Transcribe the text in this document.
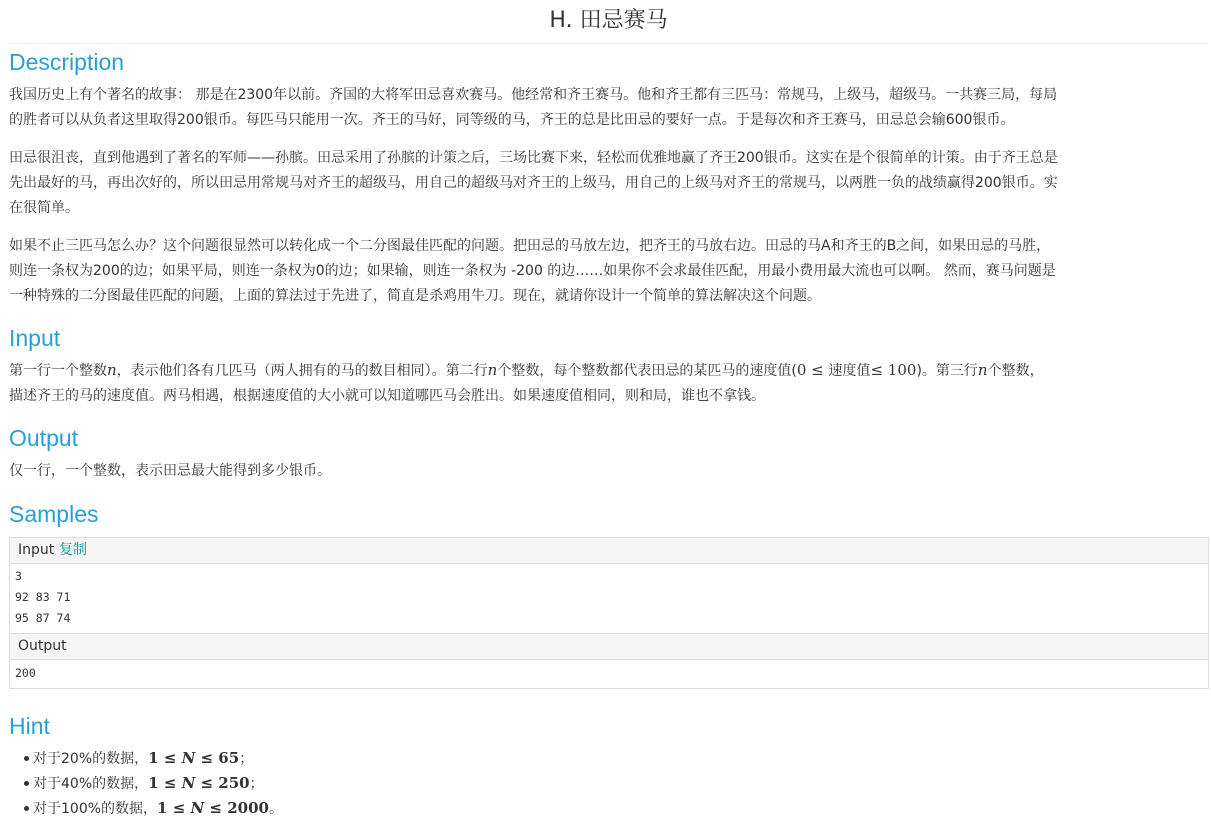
H. 田忌赛马
Description
我国历史上有个著名的故事： 那是在2300年以前。齐国的大将军田忌喜欢赛马。他经常和齐王赛马。他和齐王都有三匹马：常规马，上级马，超级马。一共赛三局，每局
的胜者可以从负者这里取得200银币。每匹马只能用一次。齐王的马好，同等级的马，齐王的总是比田忌的要好一点。于是每次和齐王赛马，田忌总会输600银币。
田忌很沮丧，直到他遇到了著名的军师——孙膑。田忌采用了孙膑的计策之后，三场比赛下来，轻松而优雅地赢了齐王200银币。这实在是个很简单的计策。由于齐王总是
先出最好的马，再出次好的，所以田忌用常规马对齐王的超级马，用自己的超级马对齐王的上级马，用自己的上级马对齐王的常规马，以两胜一负的战绩赢得200银币。实
在很简单。
如果不止三匹马怎么办？这个问题很显然可以转化成一个二分图最佳匹配的问题。把田忌的马放左边，把齐王的马放右边。田忌的马A和齐王的B之间，如果田忌的马胜，
则连一条权为200的边；如果平局，则连一条权为0的边；如果输，则连一条权为 -200 的边……如果你不会求最佳匹配，用最小费用最大流也可以啊。 然而，赛马问题是
一种特殊的二分图最佳匹配的问题，上面的算法过于先进了，简直是杀鸡用牛刀。现在，就请你设计一个简单的算法解决这个问题。
Input
第一行一个整数n，表示他们各有几匹马（两人拥有的马的数目相同）。第二行n个整数，每个整数都代表田忌的某匹马的速度值(0 ≤ 速度值≤ 100)。第三行n个整数，
描述齐王的马的速度值。两马相遇，根据速度值的大小就可以知道哪匹马会胜出。如果速度值相同，则和局，谁也不拿钱。
Output
仅一行，一个整数，表示田忌最大能得到多少银币。
Samples
Input 复制
3
92 83 71
95 87 74
Output
200
Hint
对于20%的数据，1 ≤ N ≤ 65；
对于40%的数据，1 ≤ N ≤ 250；
对于100%的数据，1 ≤ N ≤ 2000。
